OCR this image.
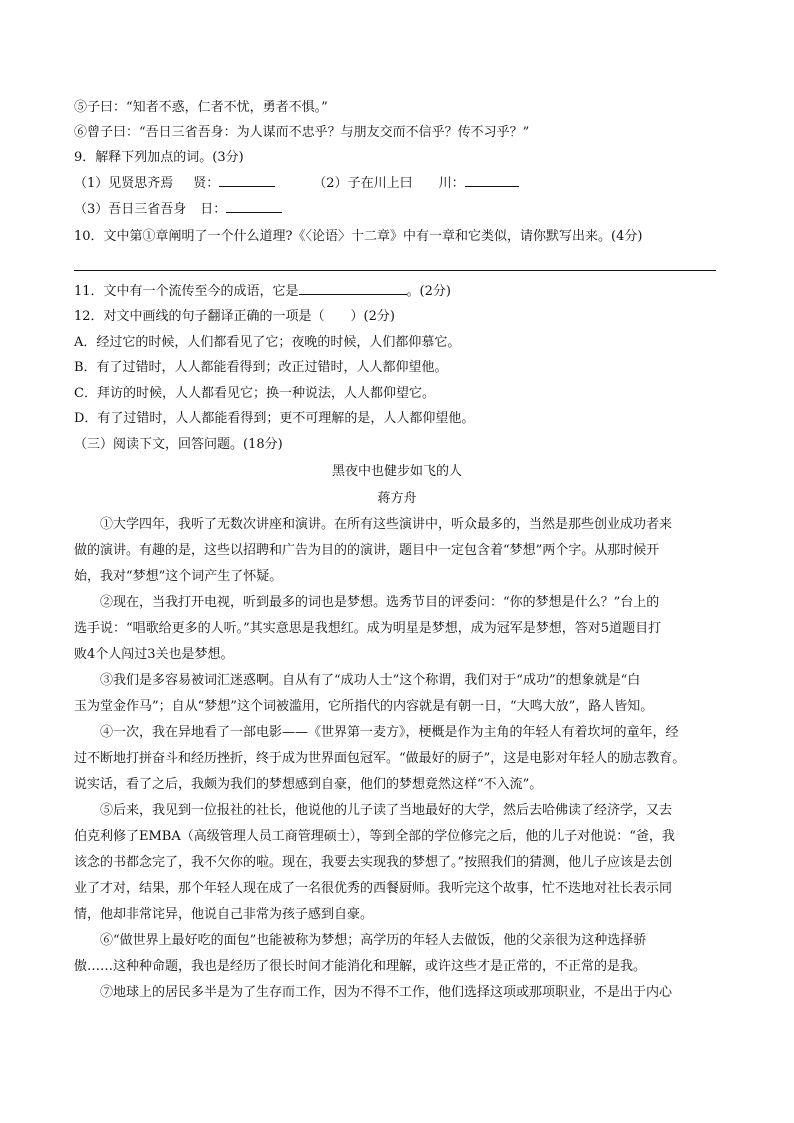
⑤子曰：“知者不惑，仁者不忧，勇者不惧。”
⑥曾子曰：“吾日三省吾身：为人谋而不忠乎？与朋友交而不信乎？传不习乎？”
9．解释下列加点的词。(3分)
（1）见贤思齐焉 贤：	（2）子在川上曰 川：
（3）吾日三省吾身 日：
10．文中第①章阐明了一个什么道理?《〈论语〉十二章》中有一章和它类似，请你默写出来。(4分)
11．文中有一个流传至今的成语，它是	。(2分)
12．对文中画线的句子翻译正确的一项是（　　）(2分)
A．经过它的时候，人们都看见了它；夜晚的时候，人们都仰慕它。
B．有了过错时，人人都能看得到；改正过错时，人人都仰望他。
C．拜访的时候，人人都看见它；换一种说法，人人都仰望它。
D．有了过错时，人人都能看得到；更不可理解的是，人人都仰望他。
（三）阅读下文，回答问题。(18分)
黑夜中也健步如飞的人
蒋方舟
①大学四年，我听了无数次讲座和演讲。在所有这些演讲中，听众最多的，当然是那些创业成功者来
做的演讲。有趣的是，这些以招聘和广告为目的的演讲，题目中一定包含着“梦想”两个字。从那时候开
始，我对“梦想”这个词产生了怀疑。
②现在，当我打开电视，听到最多的词也是梦想。选秀节目的评委问：“你的梦想是什么？”台上的
选手说：“唱歌给更多的人听。”其实意思是我想红。成为明星是梦想，成为冠军是梦想，答对5道题目打
败4个人闯过3关也是梦想。
③我们是多容易被词汇迷惑啊。自从有了“成功人士”这个称谓，我们对于“成功”的想象就是“白
玉为堂金作马”；自从“梦想”这个词被滥用，它所指代的内容就是有朝一日，“大鸣大放”，路人皆知。
④一次，我在异地看了一部电影——《世界第一麦方》，梗概是作为主角的年轻人有着坎坷的童年，经
过不断地打拼奋斗和经历挫折，终于成为世界面包冠军。“做最好的厨子”，这是电影对年轻人的励志教育。
说实话，看了之后，我颇为我们的梦想感到自豪，他们的梦想竟然这样“不入流”。
⑤后来，我见到一位报社的社长，他说他的儿子读了当地最好的大学，然后去哈佛读了经济学，又去
伯克利修了EMBA（高级管理人员工商管理硕士），等到全部的学位修完之后，他的儿子对他说：“爸，我
该念的书都念完了，我不欠你的啦。现在，我要去实现我的梦想了。”按照我们的猜测，他儿子应该是去创
业了才对，结果，那个年轻人现在成了一名很优秀的西餐厨师。我听完这个故事，忙不迭地对社长表示同
情，他却非常诧异，他说自己非常为孩子感到自豪。
⑥“做世界上最好吃的面包”也能被称为梦想；高学历的年轻人去做饭，他的父亲很为这种选择骄
傲……这种种命题，我也是经历了很长时间才能消化和理解，或许这些才是正常的，不正常的是我。
⑦地球上的居民多半是为了生存而工作，因为不得不工作，他们选择这项或那项职业，不是出于内心
